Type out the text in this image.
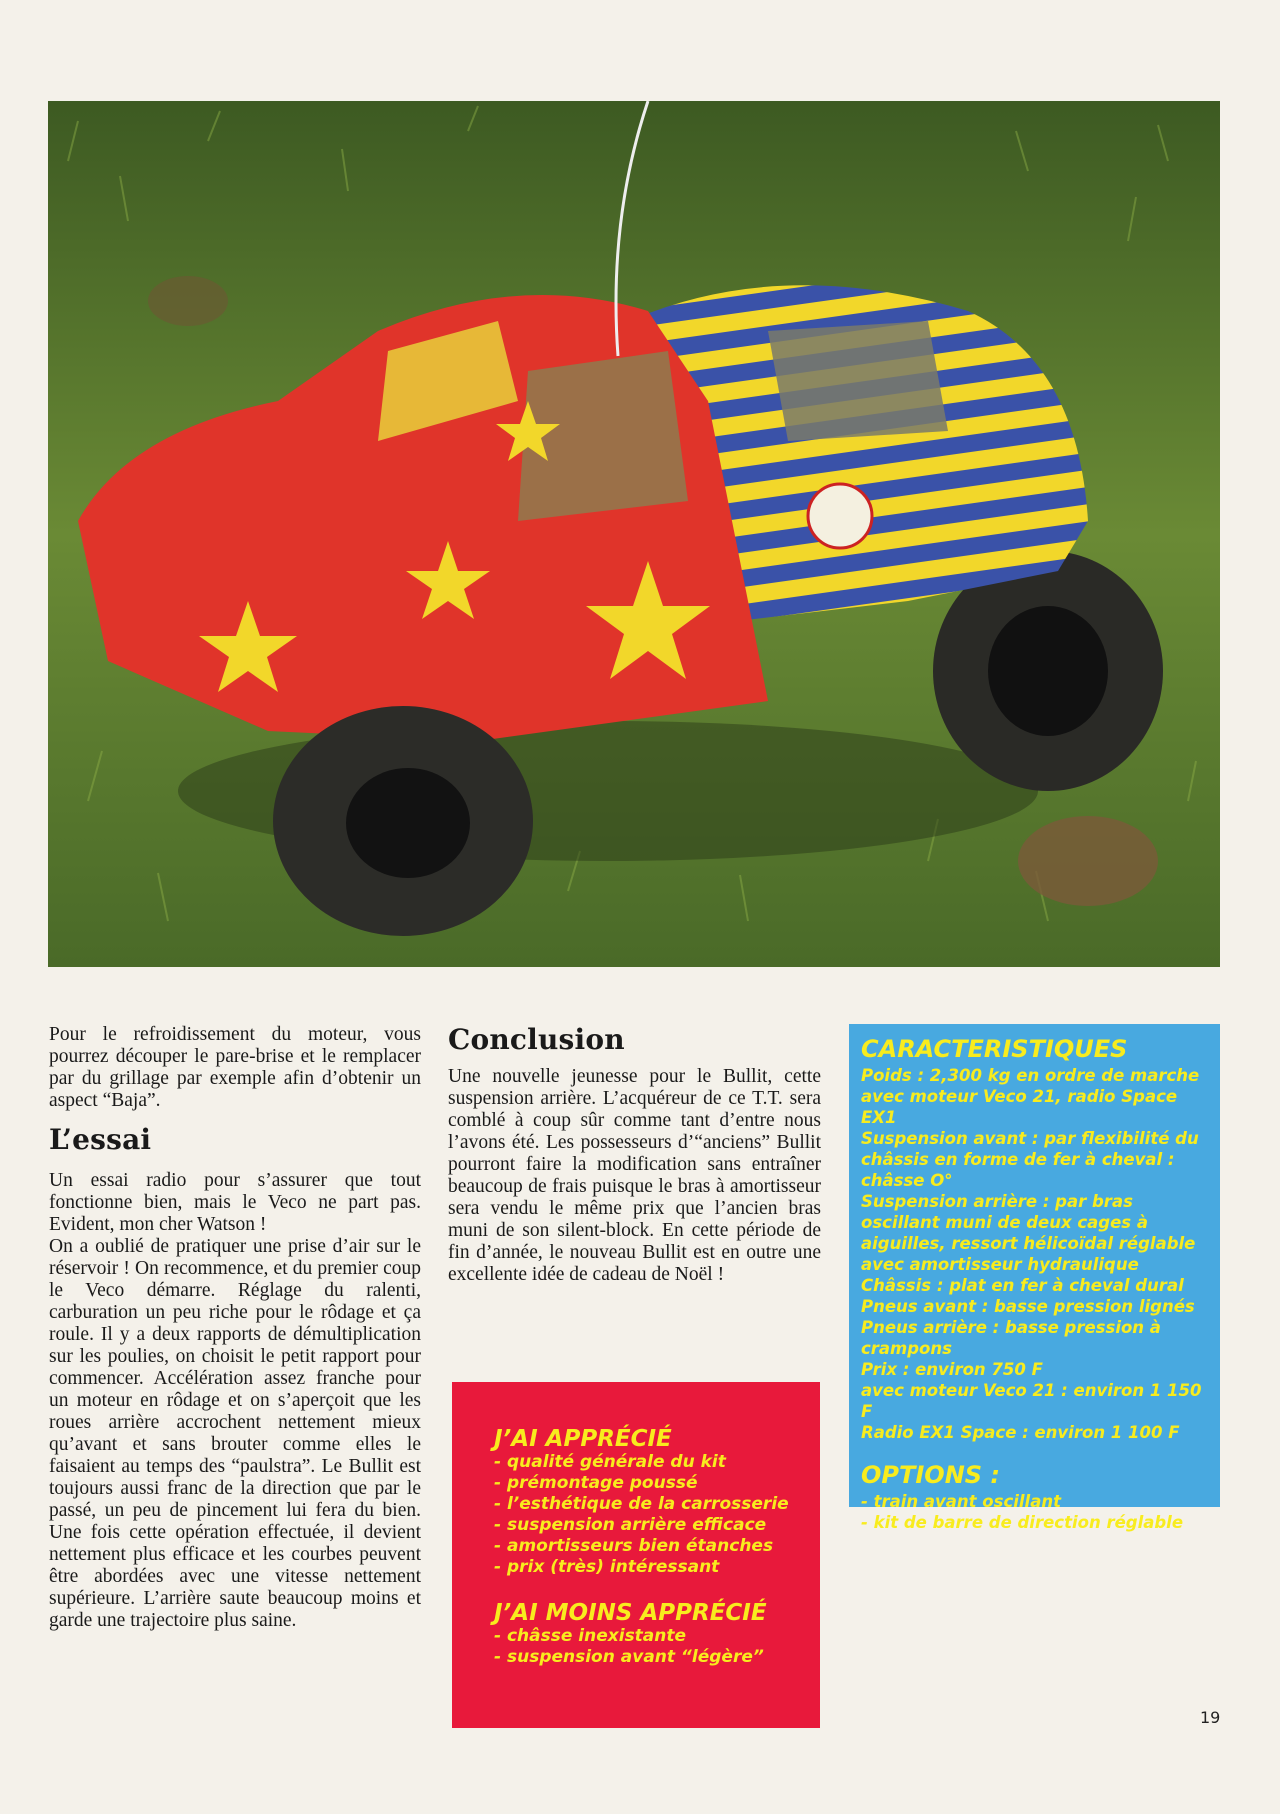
Pour le refroidissement du moteur, vous pourrez découper le pare-brise et le remplacer par du grillage par exemple afin d’obtenir un aspect “Baja”.

L’essai

Un essai radio pour s’assurer que tout fonctionne bien, mais le Veco ne part pas. Evident, mon cher Watson !

On a oublié de pratiquer une prise d’air sur le réservoir ! On recommence, et du premier coup le Veco démarre. Réglage du ralenti, carburation un peu riche pour le rôdage et ça roule. Il y a deux rapports de démultiplication sur les poulies, on choisit le petit rapport pour commencer. Accélération assez franche pour un moteur en rôdage et on s’aperçoit que les roues arrière accrochent nettement mieux qu’avant et sans brouter comme elles le faisaient au temps des “paulstra”. Le Bullit est toujours aussi franc de la direction que par le passé, un peu de pincement lui fera du bien. Une fois cette opération effectuée, il devient nettement plus efficace et les courbes peuvent être abordées avec une vitesse nettement supérieure. L’arrière saute beaucoup moins et garde une trajectoire plus saine.

Conclusion

Une nouvelle jeunesse pour le Bullit, cette suspension arrière. L’acquéreur de ce T.T. sera comblé à coup sûr comme tant d’entre nous l’avons été. Les possesseurs d’“anciens” Bullit pourront faire la modification sans entraîner beaucoup de frais puisque le bras à amortisseur sera vendu le même prix que l’ancien bras muni de son silent-block. En cette période de fin d’année, le nouveau Bullit est en outre une excellente idée de cadeau de Noël !

J’AI APPRÉCIÉ
- qualité générale du kit
- prémontage poussé
- l’esthétique de la carrosserie
- suspension arrière efficace
- amortisseurs bien étanches
- prix (très) intéressant
J’AI MOINS APPRÉCIÉ
- châsse inexistante
- suspension avant “légère”
CARACTERISTIQUES

Poids : 2,300 kg en ordre de marche avec moteur Veco 21, radio Space EX1

Suspension avant : par flexibilité du châssis en forme de fer à cheval : châsse O°

Suspension arrière : par bras oscillant muni de deux cages à aiguilles, ressort hélicoïdal réglable avec amortisseur hydraulique

Châssis : plat en fer à cheval dural

Pneus avant : basse pression lignés

Pneus arrière : basse pression à crampons

Prix : environ 750 F

avec moteur Veco 21 : environ 1 150 F

Radio EX1 Space : environ 1 100 F

OPTIONS :
- train avant oscillant
- kit de barre de direction réglable
19
